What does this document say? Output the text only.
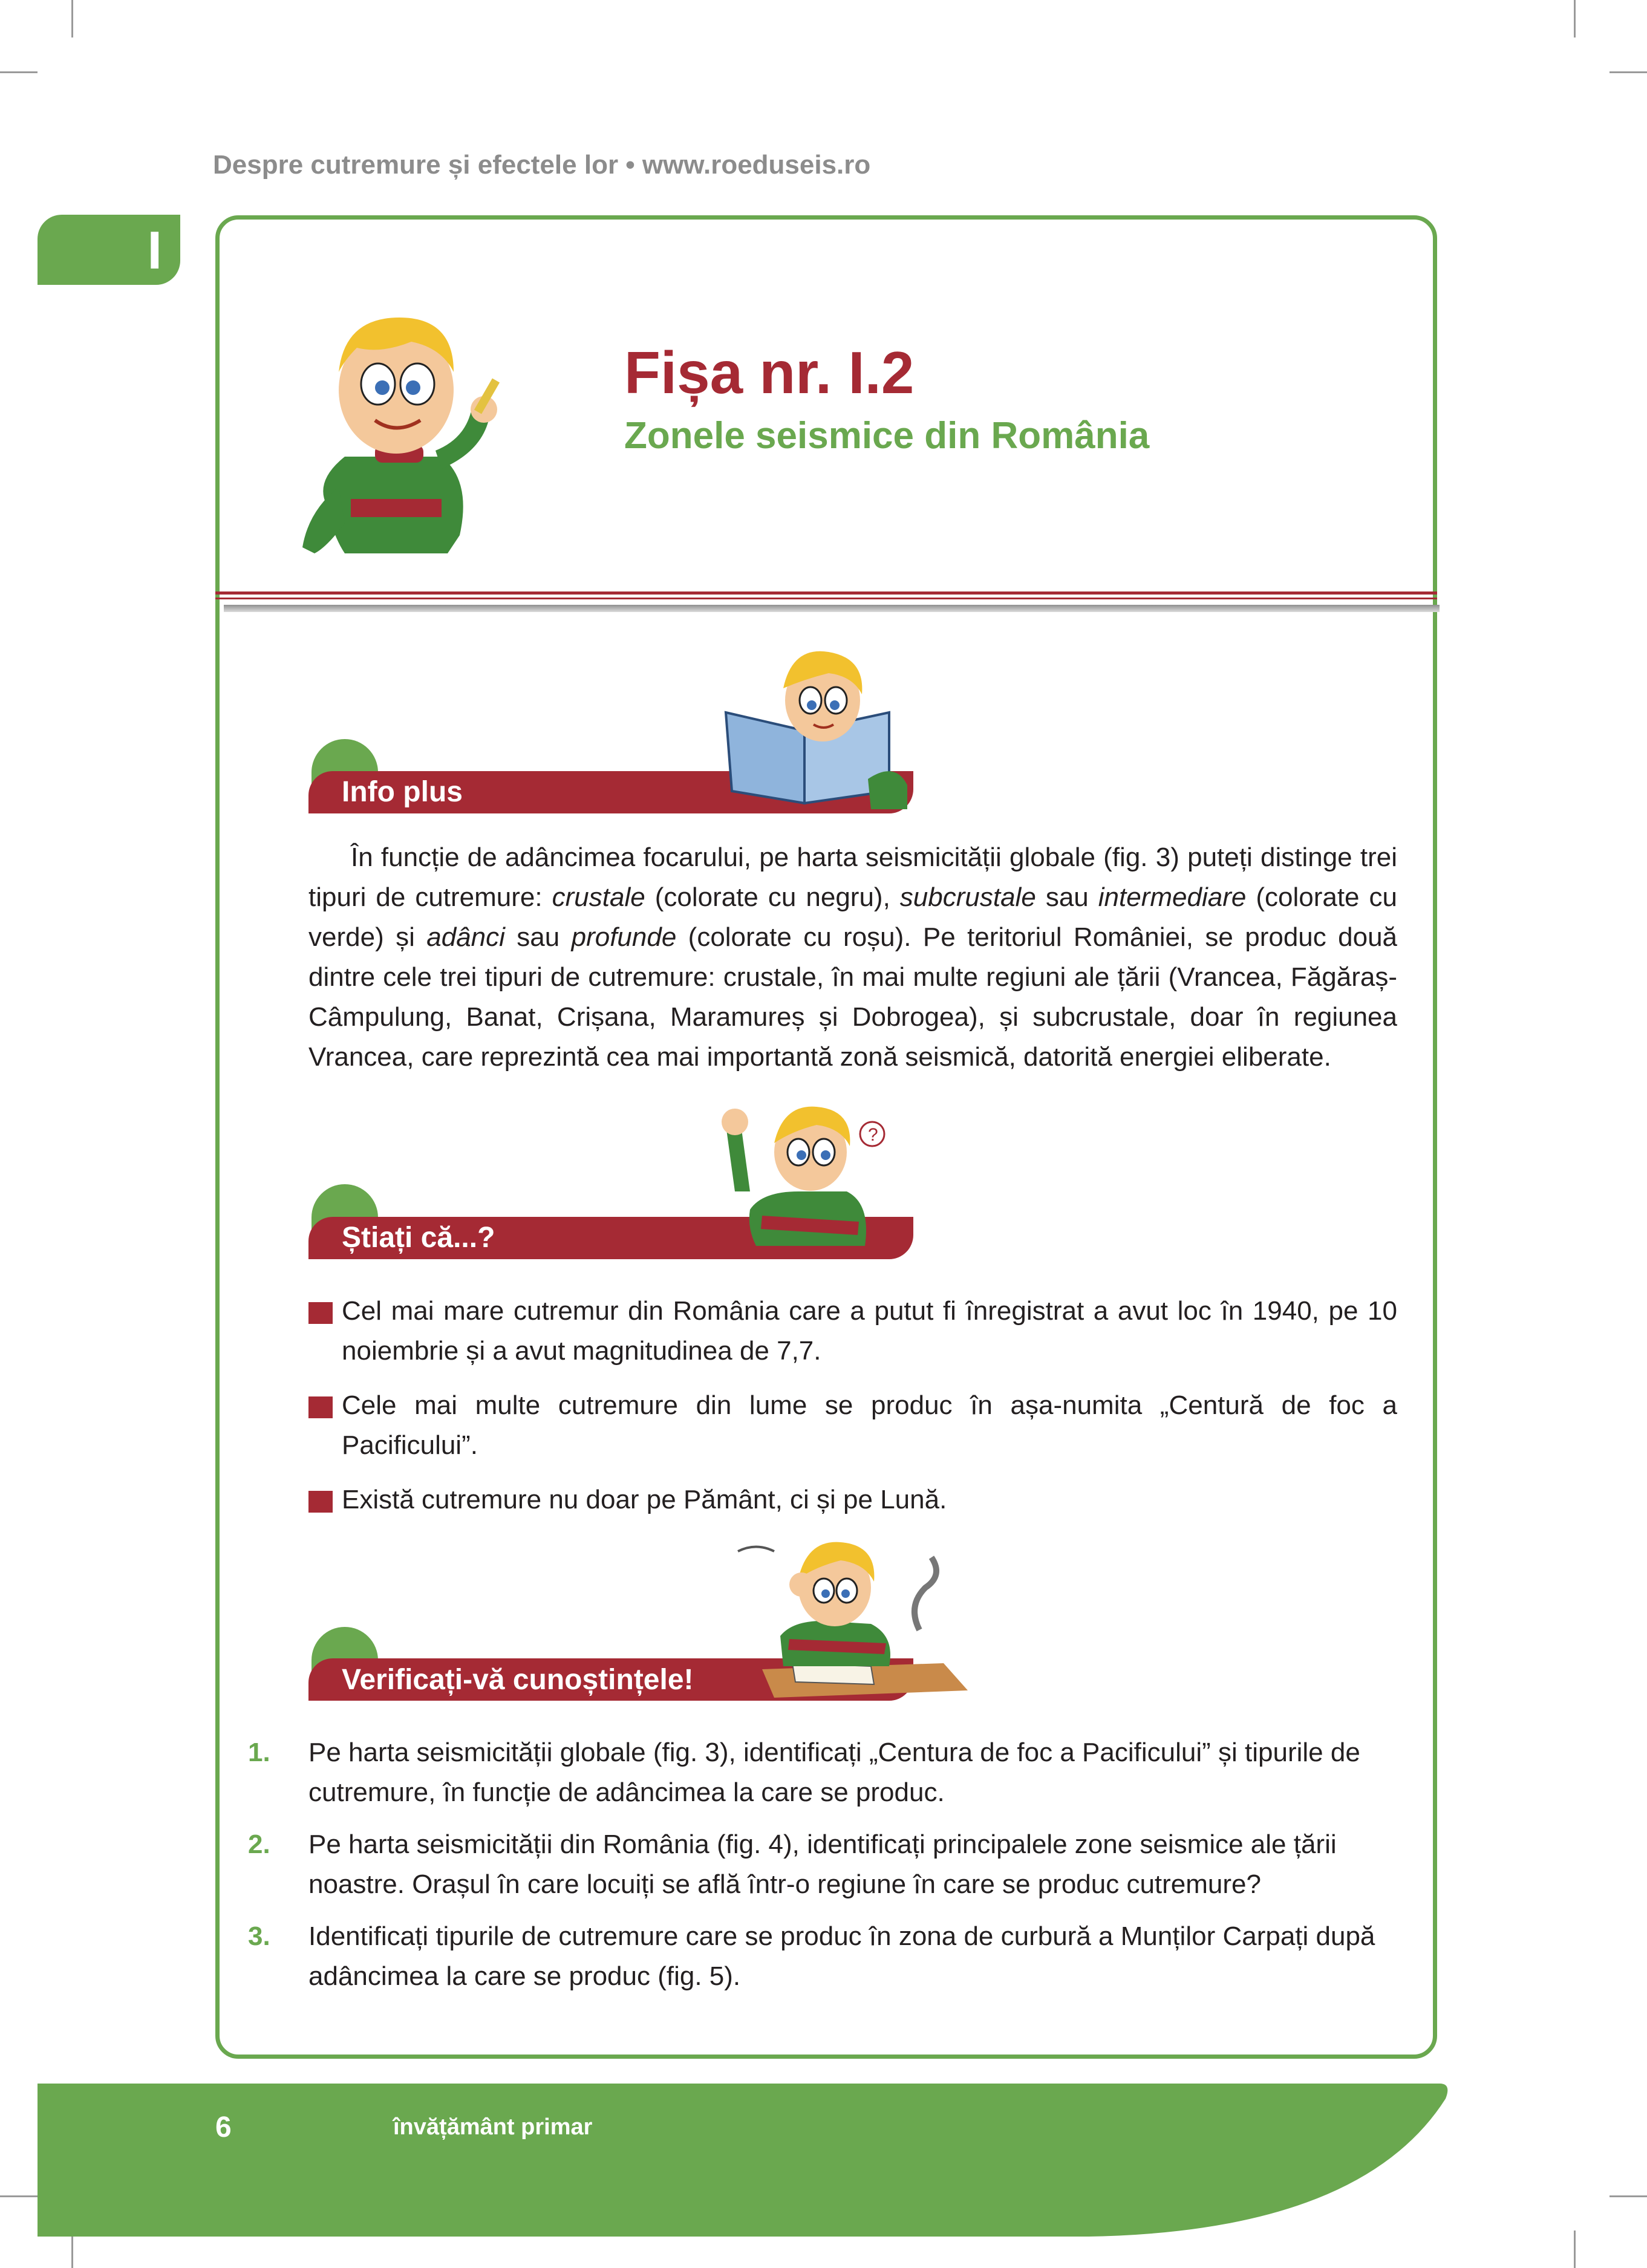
Despre cutremure și efectele lor • www.roeduseis.ro
I
Fișa nr. I.2
Zonele seismice din România
Info plus
În funcție de adâncimea focarului, pe harta seismicității globale (fig. 3) puteți distinge trei tipuri de cutremure: crustale (colorate cu negru), subcrustale sau intermediare (colorate cu verde) și adânci sau profunde (colorate cu roșu). Pe teritoriul României, se produc două dintre cele trei tipuri de cutremure: crustale, în mai multe regiuni ale țării (Vrancea, Făgăraș-Câmpulung, Banat, Crișana, Maramureș și Dobrogea), și subcrustale, doar în regiunea Vrancea, care reprezintă cea mai importantă zonă seismică, datorită energiei eliberate.
Știați că...?
?
Cel mai mare cutremur din România care a putut fi înregistrat a avut loc în 1940, pe 10 noiembrie și a avut magnitudinea de 7,7.
Cele mai multe cutremure din lume se produc în așa-numita „Centură de foc a Pacificului”.
Există cutremure nu doar pe Pământ, ci și pe Lună.
Verificați-vă cunoștințele!
1. Pe harta seismicității globale (fig. 3), identificați „Centura de foc a Pacificului” și tipurile de cutremure, în funcție de adâncimea la care se produc.
2. Pe harta seismicității din România (fig. 4), identificați principalele zone seismice ale țării noastre. Orașul în care locuiți se află într-o regiune în care se produc cutremure?
3. Identificați tipurile de cutremure care se produc în zona de curbură a Munților Carpați după adâncimea la care se produc (fig. 5).
6	învățământ primar
